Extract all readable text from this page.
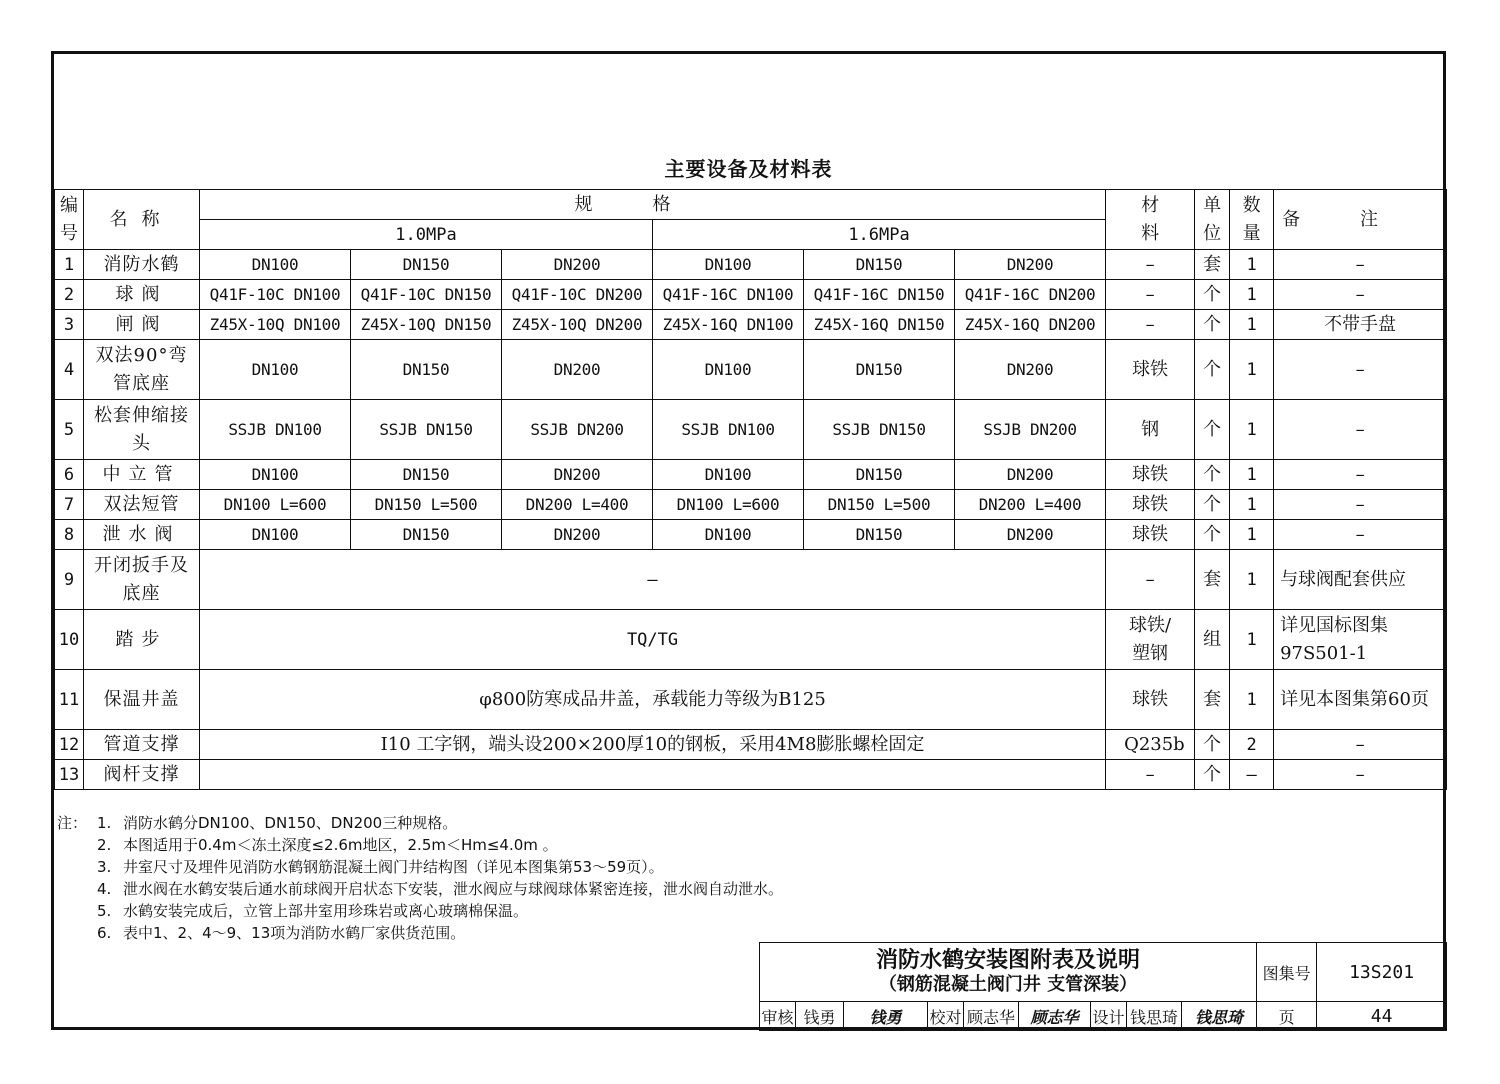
主要设备及材料表
编号	名称	规格						材料	单位	数量	备注
		1.0MPa			1.6MPa						
1	消防水鹤	DN100	DN150	DN200	DN100	DN150	DN200	–	套	1	–
2	球阀	Q41F-10C DN100	Q41F-10C DN150	Q41F-10C DN200	Q41F-16C DN100	Q41F-16C DN150	Q41F-16C DN200	–	个	1	–
3	闸阀	Z45X-10Q DN100	Z45X-10Q DN150	Z45X-10Q DN200	Z45X-16Q DN100	Z45X-16Q DN150	Z45X-16Q DN200	–	个	1	不带手盘
4	双法90°弯管底座	DN100	DN150	DN200	DN100	DN150	DN200	球铁	个	1	–
5	松套伸缩接头	SSJB DN100	SSJB DN150	SSJB DN200	SSJB DN100	SSJB DN150	SSJB DN200	钢	个	1	–
6	中立管	DN100	DN150	DN200	DN100	DN150	DN200	球铁	个	1	–
7	双法短管	DN100 L=600	DN150 L=500	DN200 L=400	DN100 L=600	DN150 L=500	DN200 L=400	球铁	个	1	–
8	泄水阀	DN100	DN150	DN200	DN100	DN150	DN200	球铁	个	1	–
9	开闭扳手及底座	–						–	套	1	与球阀配套供应
10	踏步	TQ/TG						球铁/塑钢	组	1	详见国标图集97S501-1
11	保温井盖	φ800防寒成品井盖，承载能力等级为B125						球铁	套	1	详见本图集第60页
12	管道支撑	I10 工字钢，端头设200×200厚10的钢板，采用4M8膨胀螺栓固定						Q235b	个	2	–
13	阀杆支撑							–	个	–	–
注： 1. 消防水鹤分DN100、DN150、DN200三种规格。
2. 本图适用于0.4m＜冻土深度≤2.6m地区，2.5m＜Hm≤4.0m 。
3. 井室尺寸及埋件见消防水鹤钢筋混凝土阀门井结构图（详见本图集第53～59页）。
4. 泄水阀在水鹤安装后通水前球阀开启状态下安装，泄水阀应与球阀球体紧密连接，泄水阀自动泄水。
5. 水鹤安装完成后，立管上部井室用珍珠岩或离心玻璃棉保温。
6. 表中1、2、4～9、13项为消防水鹤厂家供货范围。
消防水鹤安装图附表及说明
（钢筋混凝土阀门井 支管深装）									图集号	13S201
审核	钱勇	钱勇	校对	顾志华	顾志华	设计	钱思琦	钱思琦	页	44
